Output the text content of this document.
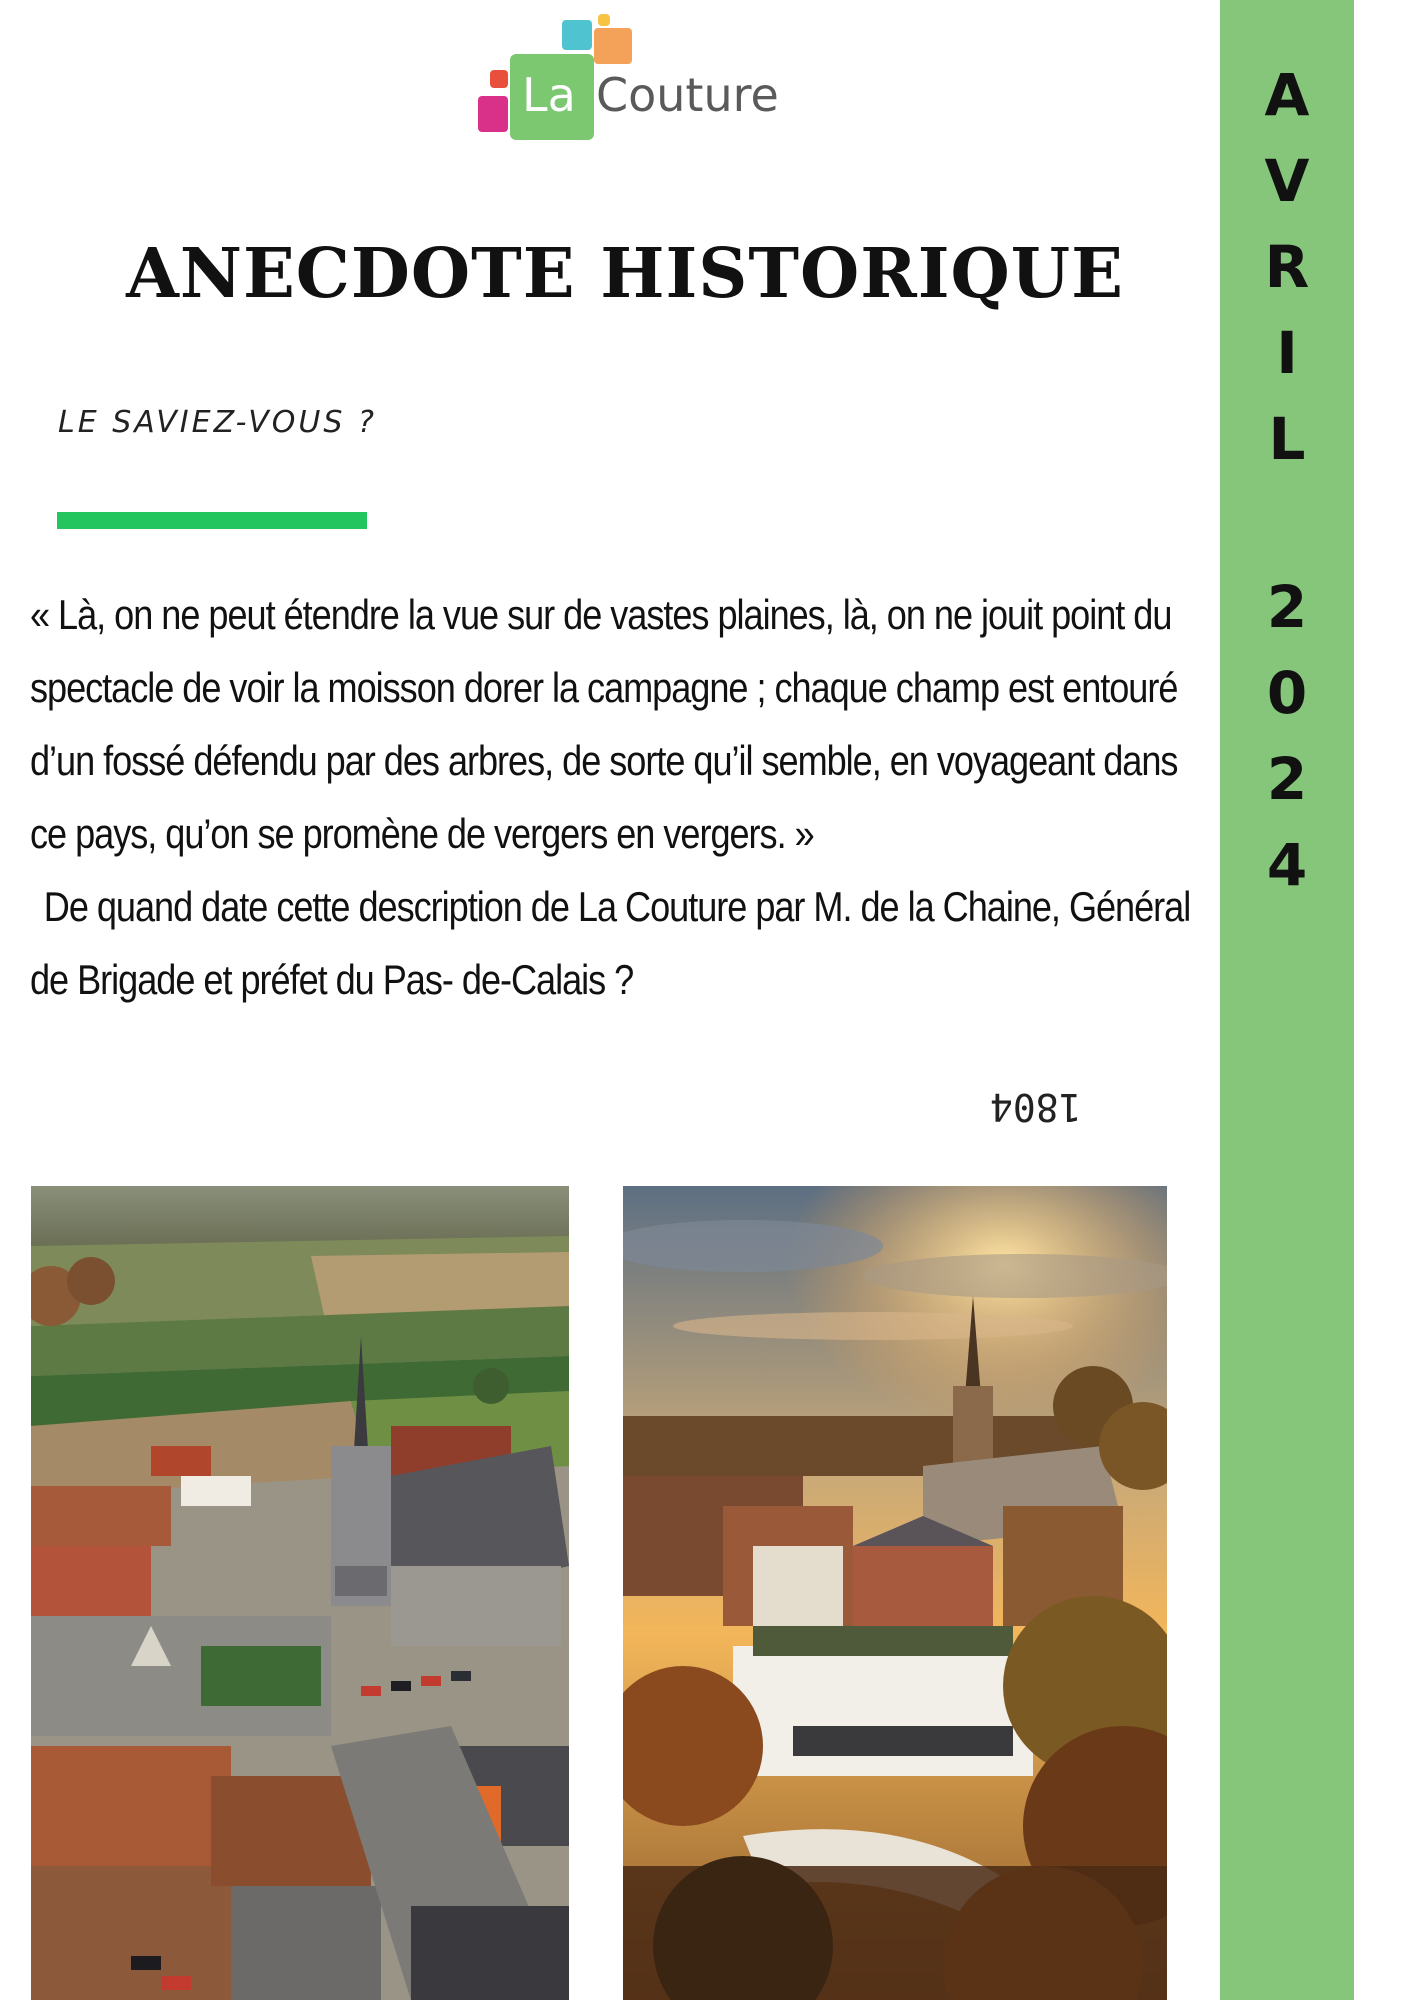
La Couture
ANECDOTE HISTORIQUE
LE SAVIEZ-VOUS ?

« Là, on ne peut étendre la vue sur de vastes plaines, là, on ne jouit point du spectacle de voir la moisson dorer la campagne ; chaque champ est entouré d’un fossé défendu par des arbres, de sorte qu’il semble, en voyageant dans ce pays, qu’on se promène de vergers en vergers. »

De quand date cette description de La Couture par M. de la Chaine, Général de Brigade et préfet du Pas- de-Calais ?

1804
A
V
R
I
L
2
0
2
4
